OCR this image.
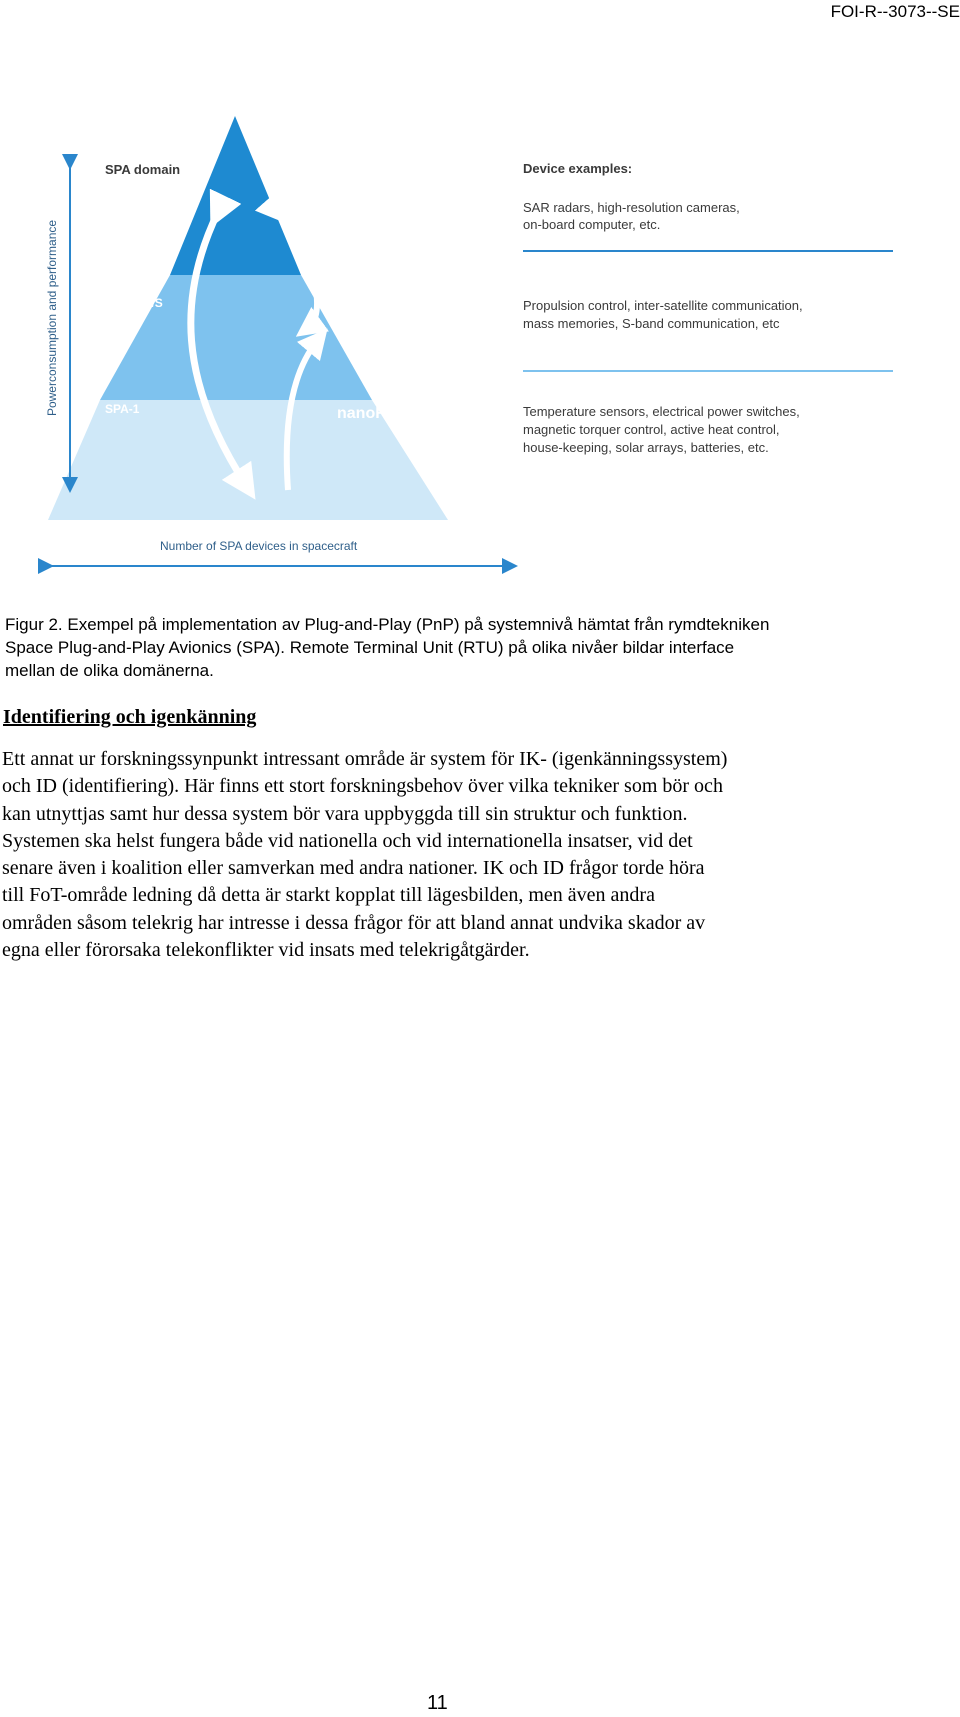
FOI-R--3073--SE
Powerconsumption and performance
Number of SPA devices in spacecraft
SPA domain
SPA-1/U/S/10
SPA-1/U/S
SPA-1
RTU
µRTU
nanoRTU
Device examples:
SAR radars, high-resolution cameras,
on-board computer, etc.
Propulsion control, inter-satellite communication,
mass memories, S-band communication, etc
Temperature sensors, electrical power switches,
magnetic torquer control, active heat control,
house-keeping, solar arrays, batteries, etc.
Figur 2. Exempel på implementation av Plug-and-Play (PnP) på systemnivå hämtat från rymdtekniken
Space Plug-and-Play Avionics (SPA). Remote Terminal Unit (RTU) på olika nivåer bildar interface
mellan de olika domänerna.
Identifiering och igenkänning
Ett annat ur forskningssynpunkt intressant område är system för IK- (igenkänningssystem)
och ID (identifiering). Här finns ett stort forskningsbehov över vilka tekniker som bör och
kan utnyttjas samt hur dessa system bör vara uppbyggda till sin struktur och funktion.
Systemen ska helst fungera både vid nationella och vid internationella insatser, vid det
senare även i koalition eller samverkan med andra nationer. IK och ID frågor torde höra
till FoT-område ledning då detta är starkt kopplat till lägesbilden, men även andra
områden såsom telekrig har intresse i dessa frågor för att bland annat undvika skador av
egna eller förorsaka telekonflikter vid insats med telekrigåtgärder.
11
